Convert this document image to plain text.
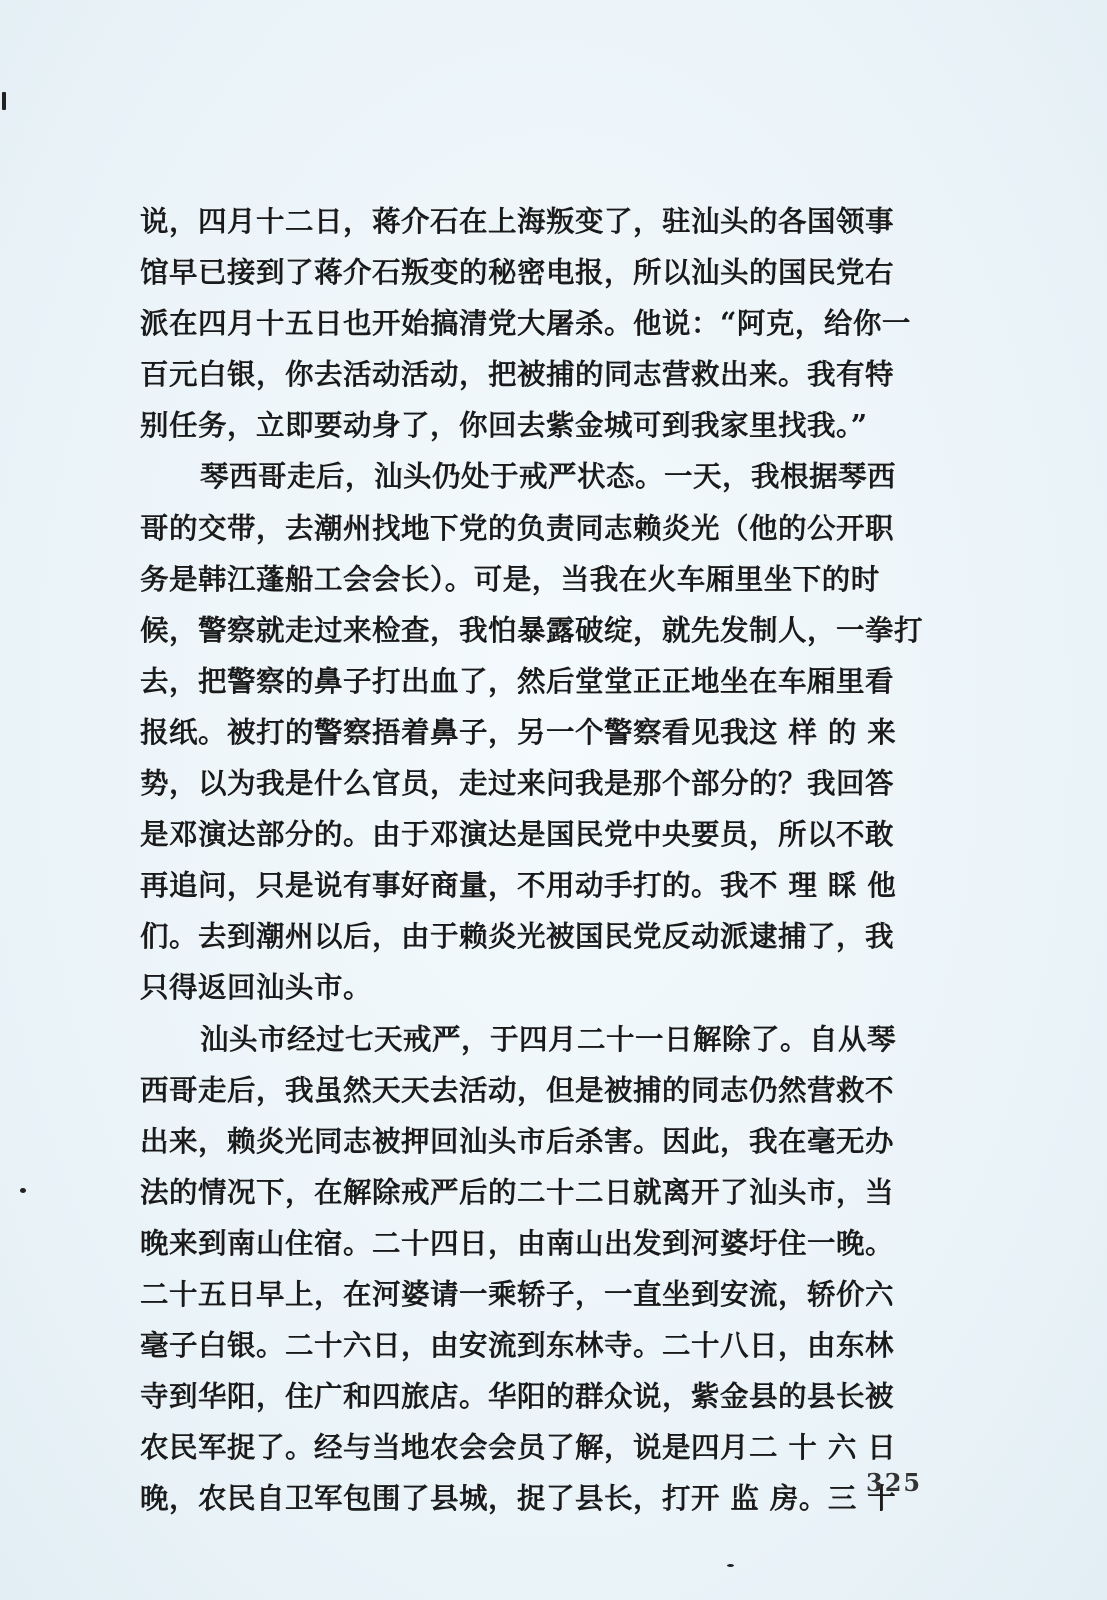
说，四月十二日，蒋介石在上海叛变了，驻汕头的各国领事
馆早已接到了蒋介石叛变的秘密电报，所以汕头的国民党右
派在四月十五日也开始搞清党大屠杀。他说：“阿克，给你一
百元白银，你去活动活动，把被捕的同志营救出来。我有特
别任务，立即要动身了，你回去紫金城可到我家里找我。”
琴西哥走后，汕头仍处于戒严状态。一天，我根据琴西
哥的交带，去潮州找地下党的负责同志赖炎光（他的公开职
务是韩江蓬船工会会长）。可是，当我在火车厢里坐下的时
候，警察就走过来检查，我怕暴露破绽，就先发制人，一拳打
去，把警察的鼻子打出血了，然后堂堂正正地坐在车厢里看
报纸。被打的警察捂着鼻子，另一个警察看见我这 样 的 来
势，以为我是什么官员，走过来问我是那个部分的？我回答
是邓演达部分的。由于邓演达是国民党中央要员，所以不敢
再追问，只是说有事好商量，不用动手打的。我不 理 睬 他
们。去到潮州以后，由于赖炎光被国民党反动派逮捕了，我
只得返回汕头市。
汕头市经过七天戒严，于四月二十一日解除了。自从琴
西哥走后，我虽然天天去活动，但是被捕的同志仍然营救不
出来，赖炎光同志被押回汕头市后杀害。因此，我在毫无办
法的情况下，在解除戒严后的二十二日就离开了汕头市，当
晚来到南山住宿。二十四日，由南山出发到河婆圩住一晚。
二十五日早上，在河婆请一乘轿子，一直坐到安流，轿价六
毫子白银。二十六日，由安流到东林寺。二十八日，由东林
寺到华阳，住广和四旅店。华阳的群众说，紫金县的县长被
农民军捉了。经与当地农会会员了解，说是四月二 十 六 日
晚，农民自卫军包围了县城，捉了县长，打开 监 房。三 十
325
